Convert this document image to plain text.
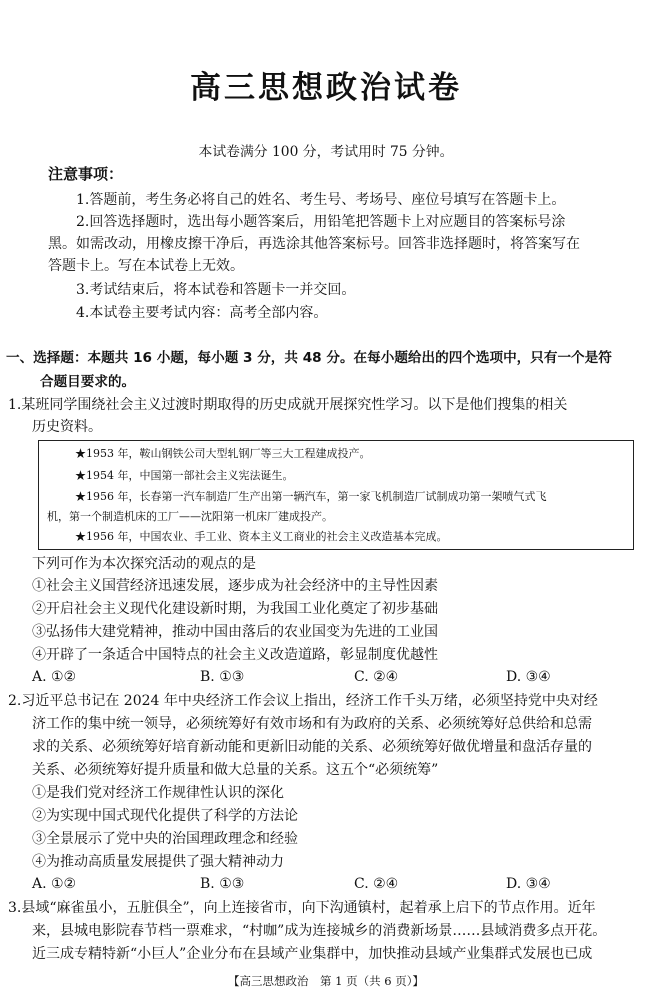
高三思想政治试卷
本试卷满分 100 分，考试用时 75 分钟。
注意事项：
1.答题前，考生务必将自己的姓名、考生号、考场号、座位号填写在答题卡上。
2.回答选择题时，选出每小题答案后，用铅笔把答题卡上对应题目的答案标号涂
黑。如需改动，用橡皮擦干净后，再选涂其他答案标号。回答非选择题时，将答案写在
答题卡上。写在本试卷上无效。
3.考试结束后，将本试卷和答题卡一并交回。
4.本试卷主要考试内容：高考全部内容。
一、选择题：本题共 16 小题，每小题 3 分，共 48 分。在每小题给出的四个选项中，只有一个是符
合题目要求的。
1.某班同学围绕社会主义过渡时期取得的历史成就开展探究性学习。以下是他们搜集的相关
历史资料。
★1953 年，鞍山钢铁公司大型轧钢厂等三大工程建成投产。
★1954 年，中国第一部社会主义宪法诞生。
★1956 年，长春第一汽车制造厂生产出第一辆汽车，第一家飞机制造厂试制成功第一架喷气式飞
机，第一个制造机床的工厂——沈阳第一机床厂建成投产。
★1956 年，中国农业、手工业、资本主义工商业的社会主义改造基本完成。
下列可作为本次探究活动的观点的是
①社会主义国营经济迅速发展，逐步成为社会经济中的主导性因素
②开启社会主义现代化建设新时期，为我国工业化奠定了初步基础
③弘扬伟大建党精神，推动中国由落后的农业国变为先进的工业国
④开辟了一条适合中国特点的社会主义改造道路，彰显制度优越性
A. ①②	B. ①③	C. ②④	D. ③④
2.习近平总书记在 2024 年中央经济工作会议上指出，经济工作千头万绪，必须坚持党中央对经
济工作的集中统一领导，必须统筹好有效市场和有为政府的关系、必须统筹好总供给和总需
求的关系、必须统筹好培育新动能和更新旧动能的关系、必须统筹好做优增量和盘活存量的
关系、必须统筹好提升质量和做大总量的关系。这五个“必须统筹”
①是我们党对经济工作规律性认识的深化
②为实现中国式现代化提供了科学的方法论
③全景展示了党中央的治国理政理念和经验
④为推动高质量发展提供了强大精神动力
A. ①②	B. ①③	C. ②④	D. ③④
3.县域“麻雀虽小，五脏俱全”，向上连接省市，向下沟通镇村，起着承上启下的节点作用。近年
来，县城电影院春节档一票难求，“村咖”成为连接城乡的消费新场景……县域消费多点开花。
近三成专精特新“小巨人”企业分布在县域产业集群中，加快推动县域产业集群式发展也已成
【高三思想政治　第 1 页（共 6 页）】
